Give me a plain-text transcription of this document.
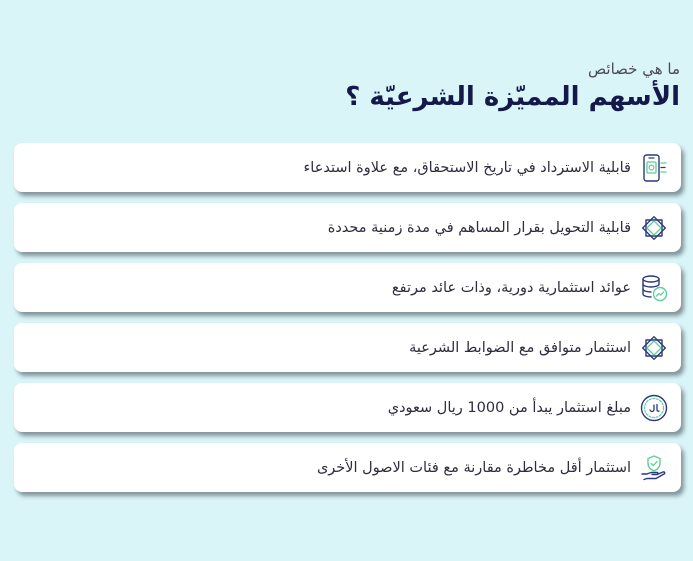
ما هي خصائص
الأسهم المميّزة الشرعيّة ؟
قابلية الاسترداد في تاريخ الاستحقاق، مع علاوة استدعاء
قابلية التحويل بقرار المساهم في مدة زمنية محددة
عوائد استثمارية دورية، وذات عائد مرتفع
استثمار متوافق مع الضوابط الشرعية
مبلغ استثمار يبدأ من 1000 ريال سعودي
استثمار أقل مخاطرة مقارنة مع فئات الاصول الأخرى
